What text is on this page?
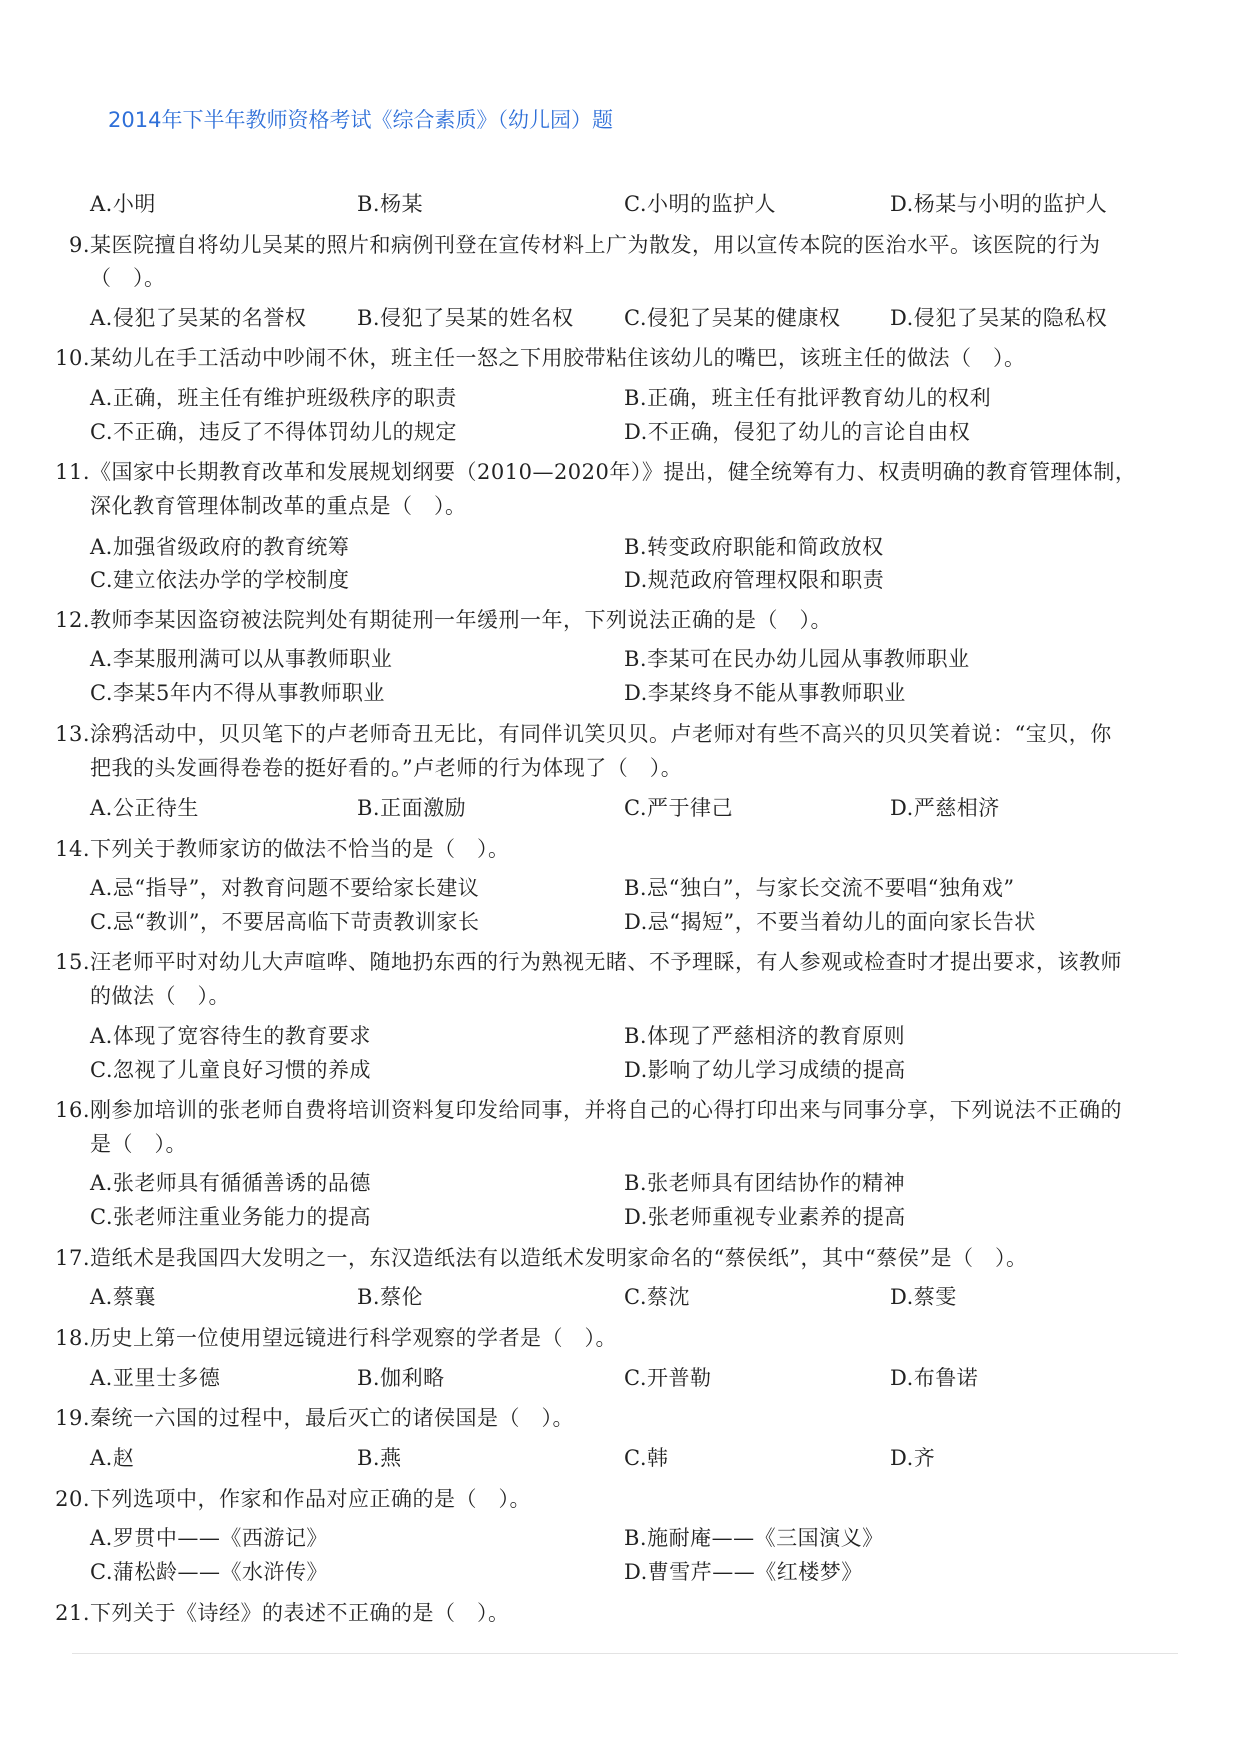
2014年下半年教师资格考试《综合素质》（幼儿园）题
A.小明	B.杨某	C.小明的监护人	D.杨某与小明的监护人
9. 某医院擅自将幼儿吴某的照片和病例刊登在宣传材料上广为散发，用以宣传本院的医治水平。该医院的行为
（　）。
A.侵犯了吴某的名誉权 B.侵犯了吴某的姓名权 C.侵犯了吴某的健康权 D.侵犯了吴某的隐私权
10. 某幼儿在手工活动中吵闹不休，班主任一怒之下用胶带粘住该幼儿的嘴巴，该班主任的做法（　）。
A.正确，班主任有维护班级秩序的职责	B.正确，班主任有批评教育幼儿的权利
C.不正确，违反了不得体罚幼儿的规定	D.不正确，侵犯了幼儿的言论自由权
11. 《国家中长期教育改革和发展规划纲要（2010—2020年）》提出，健全统筹有力、权责明确的教育管理体制，
深化教育管理体制改革的重点是（　）。
A.加强省级政府的教育统筹	B.转变政府职能和简政放权
C.建立依法办学的学校制度	D.规范政府管理权限和职责
12. 教师李某因盗窃被法院判处有期徒刑一年缓刑一年，下列说法正确的是（　）。
A.李某服刑满可以从事教师职业	B.李某可在民办幼儿园从事教师职业
C.李某5年内不得从事教师职业	D.李某终身不能从事教师职业
13. 涂鸦活动中，贝贝笔下的卢老师奇丑无比，有同伴讥笑贝贝。卢老师对有些不高兴的贝贝笑着说：“宝贝，你
把我的头发画得卷卷的挺好看的。”卢老师的行为体现了（　）。
A.公正待生	B.正面激励	C.严于律己	D.严慈相济
14. 下列关于教师家访的做法不恰当的是（　）。
A.忌“指导”，对教育问题不要给家长建议	B.忌“独白”，与家长交流不要唱“独角戏”
C.忌“教训”，不要居高临下苛责教训家长	D.忌“揭短”，不要当着幼儿的面向家长告状
15. 汪老师平时对幼儿大声喧哗、随地扔东西的行为熟视无睹、不予理睬，有人参观或检查时才提出要求，该教师
的做法（　）。
A.体现了宽容待生的教育要求	B.体现了严慈相济的教育原则
C.忽视了儿童良好习惯的养成	D.影响了幼儿学习成绩的提高
16. 刚参加培训的张老师自费将培训资料复印发给同事，并将自己的心得打印出来与同事分享，下列说法不正确的
是（　）。
A.张老师具有循循善诱的品德	B.张老师具有团结协作的精神
C.张老师注重业务能力的提高	D.张老师重视专业素养的提高
17. 造纸术是我国四大发明之一，东汉造纸法有以造纸术发明家命名的“蔡侯纸”，其中“蔡侯”是（　）。
A.蔡襄	B.蔡伦	C.蔡沈	D.蔡雯
18. 历史上第一位使用望远镜进行科学观察的学者是（　）。
A.亚里士多德	B.伽利略	C.开普勒	D.布鲁诺
19. 秦统一六国的过程中，最后灭亡的诸侯国是（　）。
A.赵	B.燕	C.韩	D.齐
20. 下列选项中，作家和作品对应正确的是（　）。
A.罗贯中——《西游记》	B.施耐庵——《三国演义》
C.蒲松龄——《水浒传》	D.曹雪芹——《红楼梦》
21. 下列关于《诗经》的表述不正确的是（　）。
